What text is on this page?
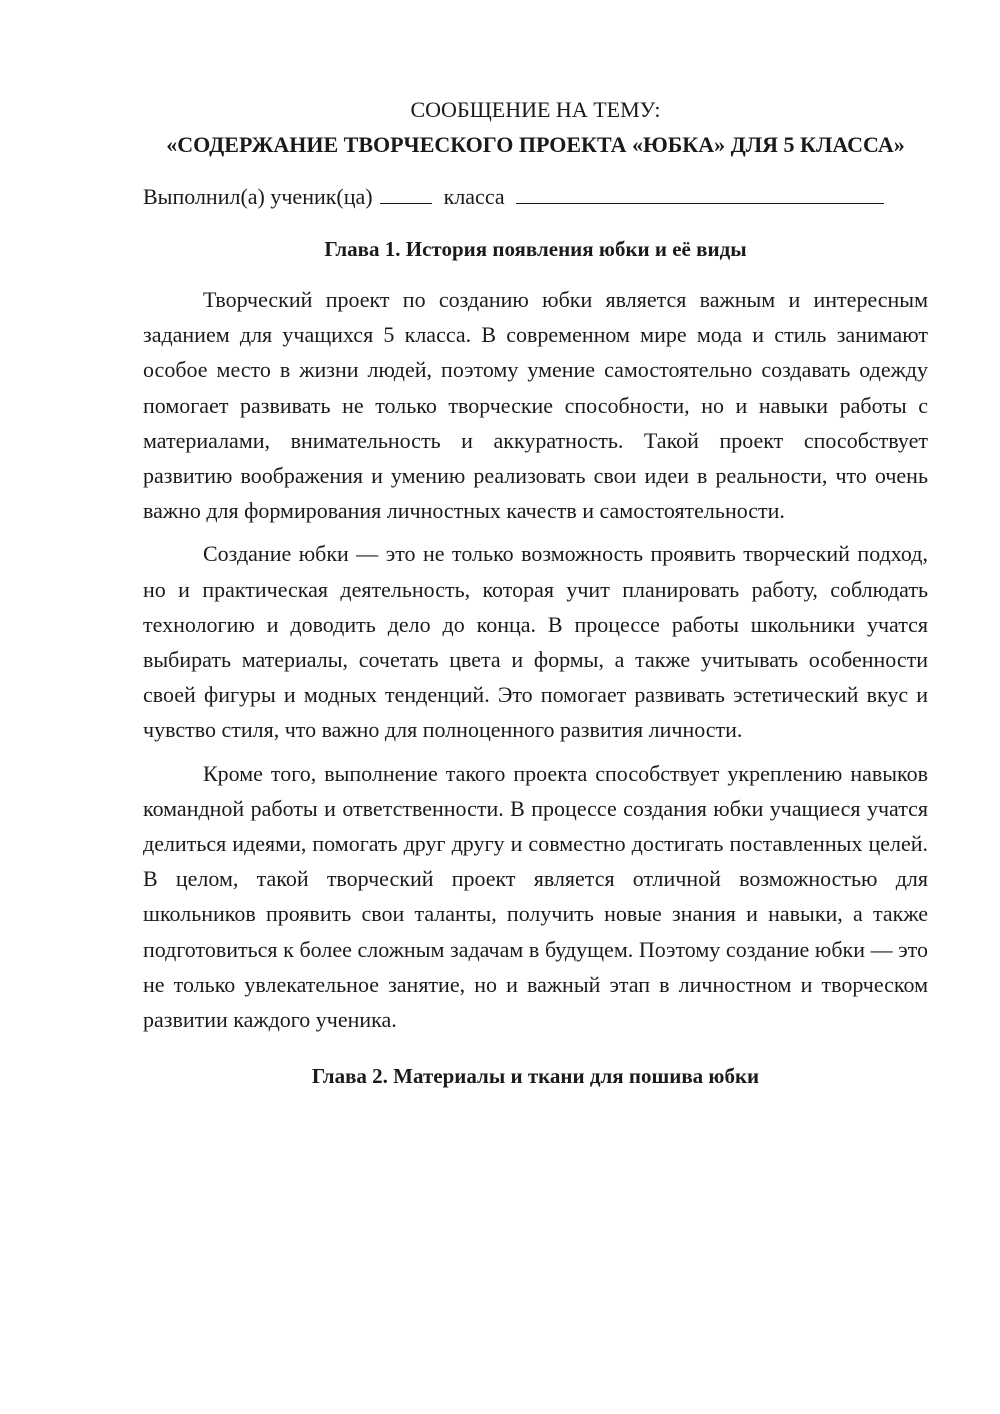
СООБЩЕНИЕ НА ТЕМУ:

«СОДЕРЖАНИЕ ТВОРЧЕСКОГО ПРОЕКТА «ЮБКА» ДЛЯ 5 КЛАССА»

Выполнил(а) ученик(ца)	класса

Глава 1. История появления юбки и её виды

Творческий проект по созданию юбки является важным и интересным заданием для учащихся 5 класса. В современном мире мода и стиль занимают особое место в жизни людей, поэтому умение самостоятельно создавать одежду помогает развивать не только творческие способности, но и навыки работы с материалами, внимательность и аккуратность. Такой проект способствует развитию воображения и умению реализовать свои идеи в реальности, что очень важно для формирования личностных качеств и самостоятельности.

Создание юбки — это не только возможность проявить творческий подход, но и практическая деятельность, которая учит планировать работу, соблюдать технологию и доводить дело до конца. В процессе работы школьники учатся выбирать материалы, сочетать цвета и формы, а также учитывать особенности своей фигуры и модных тенденций. Это помогает развивать эстетический вкус и чувство стиля, что важно для полноценного развития личности.

Кроме того, выполнение такого проекта способствует укреплению навыков командной работы и ответственности. В процессе создания юбки учащиеся учатся делиться идеями, помогать друг другу и совместно достигать поставленных целей. В целом, такой творческий проект является отличной возможностью для школьников проявить свои таланты, получить новые знания и навыки, а также подготовиться к более сложным задачам в будущем. Поэтому создание юбки — это не только увлекательное занятие, но и важный этап в личностном и творческом развитии каждого ученика.

Глава 2. Материалы и ткани для пошива юбки
